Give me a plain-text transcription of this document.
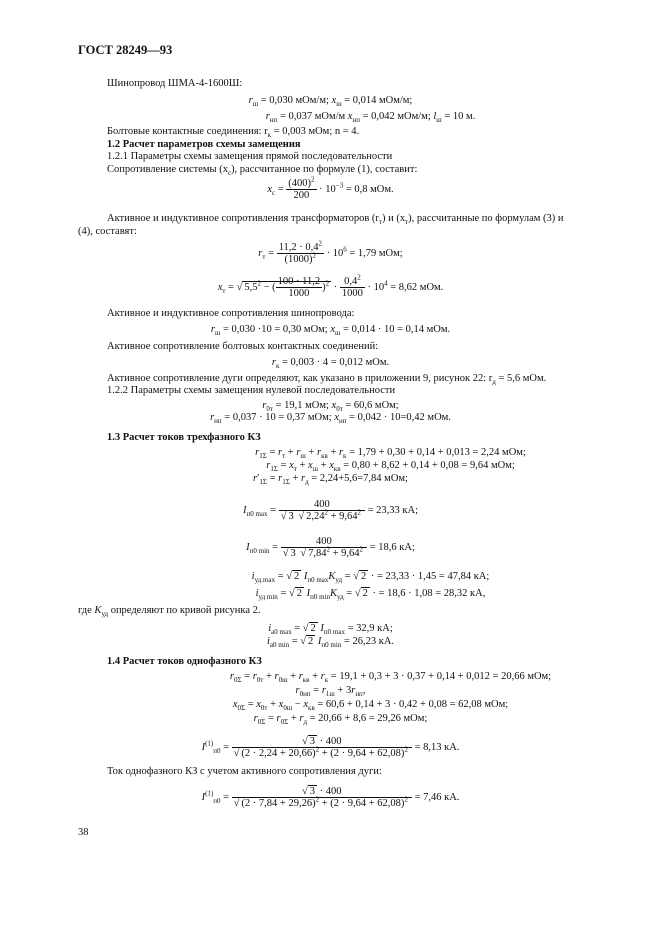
ГОСТ 28249—93
Шинопровод ШМА-4-1600Ш:
$r_ш = 0,030$ мОм/м; $x_ш = 0,014$ мОм/м;
$r_{нп} = 0,037$ мОм/м $x_{нп} = 0,042$ мОм/м; $l_ш = 10$ м.
Болтовые контактные соединения: $r_к = 0,003$ мОм; n = 4.
1.2 Расчет параметров схемы замещения
1.2.1 Параметры схемы замещения прямой последовательности
Сопротивление системы $(x_с)$, рассчитанное по формуле (1), составит:
$x_с = \frac{(400)^2}{200} \cdot 10^{-3} = 0,8$ мОм.
Активное и индуктивное сопротивления трансформаторов $(r_т)$ и $(x_т)$, рассчитанные по формулам (3) и
(4), составят:
$r_т = \frac{11,2 \cdot 0,4^2}{(1000)^2} \cdot 10^6 = 1,79$ мОм;
$x_т$ = √ $5,5^2$ − ( $\frac{100 \cdot 11,2}{1000} )^2 \cdot \frac{0,4^2}{1000} \cdot 10^4 = 8,62$ мОм.
Активное и индуктивное сопротивления шинопровода:
$r_ш = 0,030 \cdot 10 = 0,30$ мОм; $x_ш = 0,014 \cdot 10 = 0,14$ мОм.
Активное сопротивление болтовых контактных соединений:
$r_к = 0,003 \cdot 4 = 0,012$ мОм.
Активное сопротивление дуги определяют, как указано в приложении 9, рисунок 22: $r_д = 5,6$ мОм.
1.2.2 Параметры схемы замещения нулевой последовательности
$r_{0т} = 19,1$ мОм; $x_{0т} = 60,6$ мОм;
$r_{нп} = 0,037 \cdot 10 = 0,37$ мОм; $x_{нп} = 0,042 \cdot 10=0,42$ мОм.
1.3 Расчет токов трехфазного КЗ
$r_{1\Sigma} = r_т + r_ш + r_{кв} + r_к = 1,79 + 0,30 + 0,14 + 0,013 = 2,24$ мОм;
$r_{1\Sigma} = x_т + x_ш + x_{кв} = 0,80 + 8,62 + 0,14 + 0,08 = 9,64$ мОм;
$r'_{1\Sigma} = r_{1\Sigma} + r_д = 2,24+5,6=7,84$ мОм;
$I_{п0 max} = \frac{400}{√ 3 √ 2,24^2 + 9,64^2} = 23,33$ кА;
$I_{п0 min} = \frac{400}{√ 3 √ 7,84^2 + 9,64^2} = 18,6$ кА;
$i_{уд.max}$ = √ 2 $I_{п0 max}K_{уд}$ = √ 2 · = 23,33 · 1,45 = 47,84 кА;
$i_{уд min}$ = √ 2 $I_{п0 min}K_{уд}$ = √ 2 · = 18,6 · 1,08 = 28,32 кА,
где $K_{уд}$ определяют по кривой рисунка 2.
$i_{а0 max}$ = √ 2 $I_{п0 max} = 32,9$ кА;
$i_{а0 min}$ = √ 2 $I_{п0 min} = 26,23$ кА.
1.4 Расчет токов однофазного КЗ
$r_{0\Sigma} = r_{0т} + r_{0ш} + r_{кв} + r_к = 19,1 + 0,3 + 3 \cdot 0,37 + 0,14 + 0,012 = 20,66$ мОм;
$r_{0нп} = r_{1ш} + 3r_{нп}$,
$x_{0\Sigma} = x_{0т} + x_{0ш} - x_{кв} = 60,6 + 0,14 + 3 \cdot 0,42 + 0,08 = 62,08$ мОм;
$r_{0\Sigma} = r_{0\Sigma} + r_д = 20,66 + 8,6 = 29,26$ мОм;
$I^{(1)}_{п0} = \frac{√ 3 \cdot 400}{√ (2 \cdot 2,24 + 20,66)^2 + (2 \cdot 9,64 + 62,08)^2} = 8,13$ кА.
Ток однофазного КЗ с учетом активного сопротивления дуги:
$I^{(1)}_{п0} = \frac{√ 3 \cdot 400}{√ (2 \cdot 7,84 + 29,26)^2 + (2 \cdot 9,64 + 62,08)^2} = 7,46$ кА.
38
